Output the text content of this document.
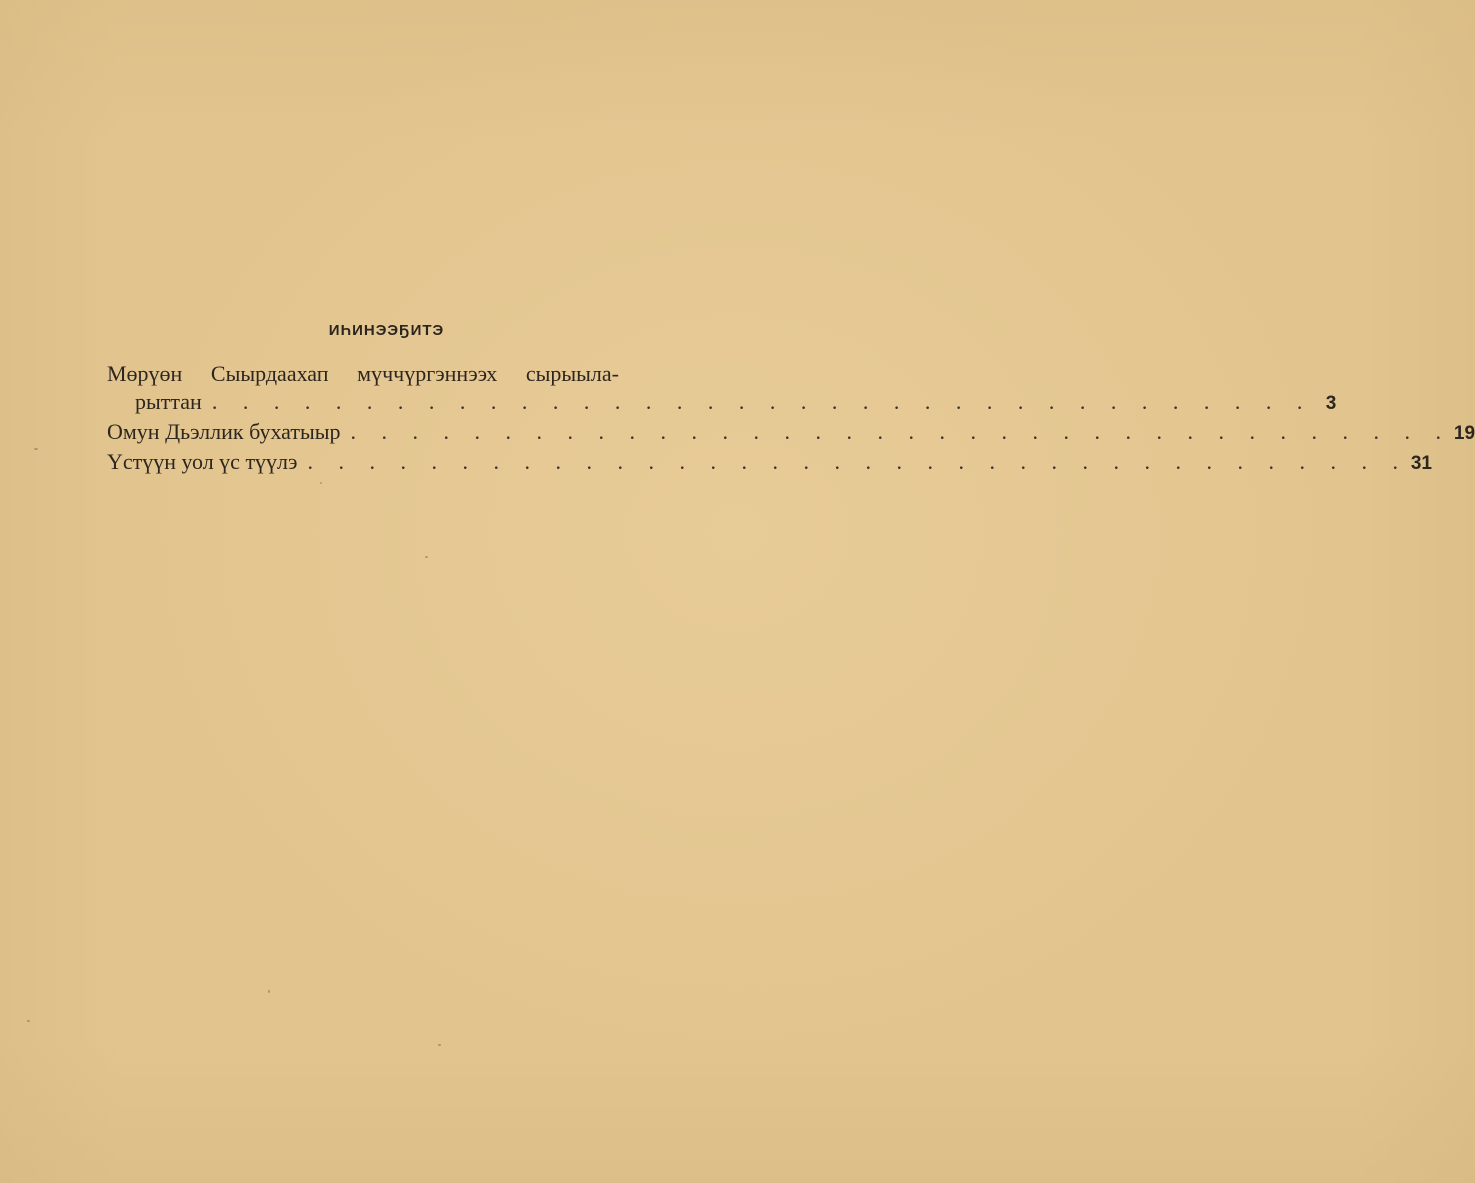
ИҺИНЭЭҔИТЭ
Мөрүөн Сыырдаахап мүччүргэннээх сырыыла-
рыттан . . . . . . . . . . . . . . . . . . . . . . . . . . . . . . . . . . . . 3
Омун Дьэллик бухатыыр . . . . . . . . . . . . . . . . . . . . . . . . . . . . . . . . . . . . 19
Үстүүн уол үс түүлэ . . . . . . . . . . . . . . . . . . . . . . . . . . . . . . . . . . . . 31
